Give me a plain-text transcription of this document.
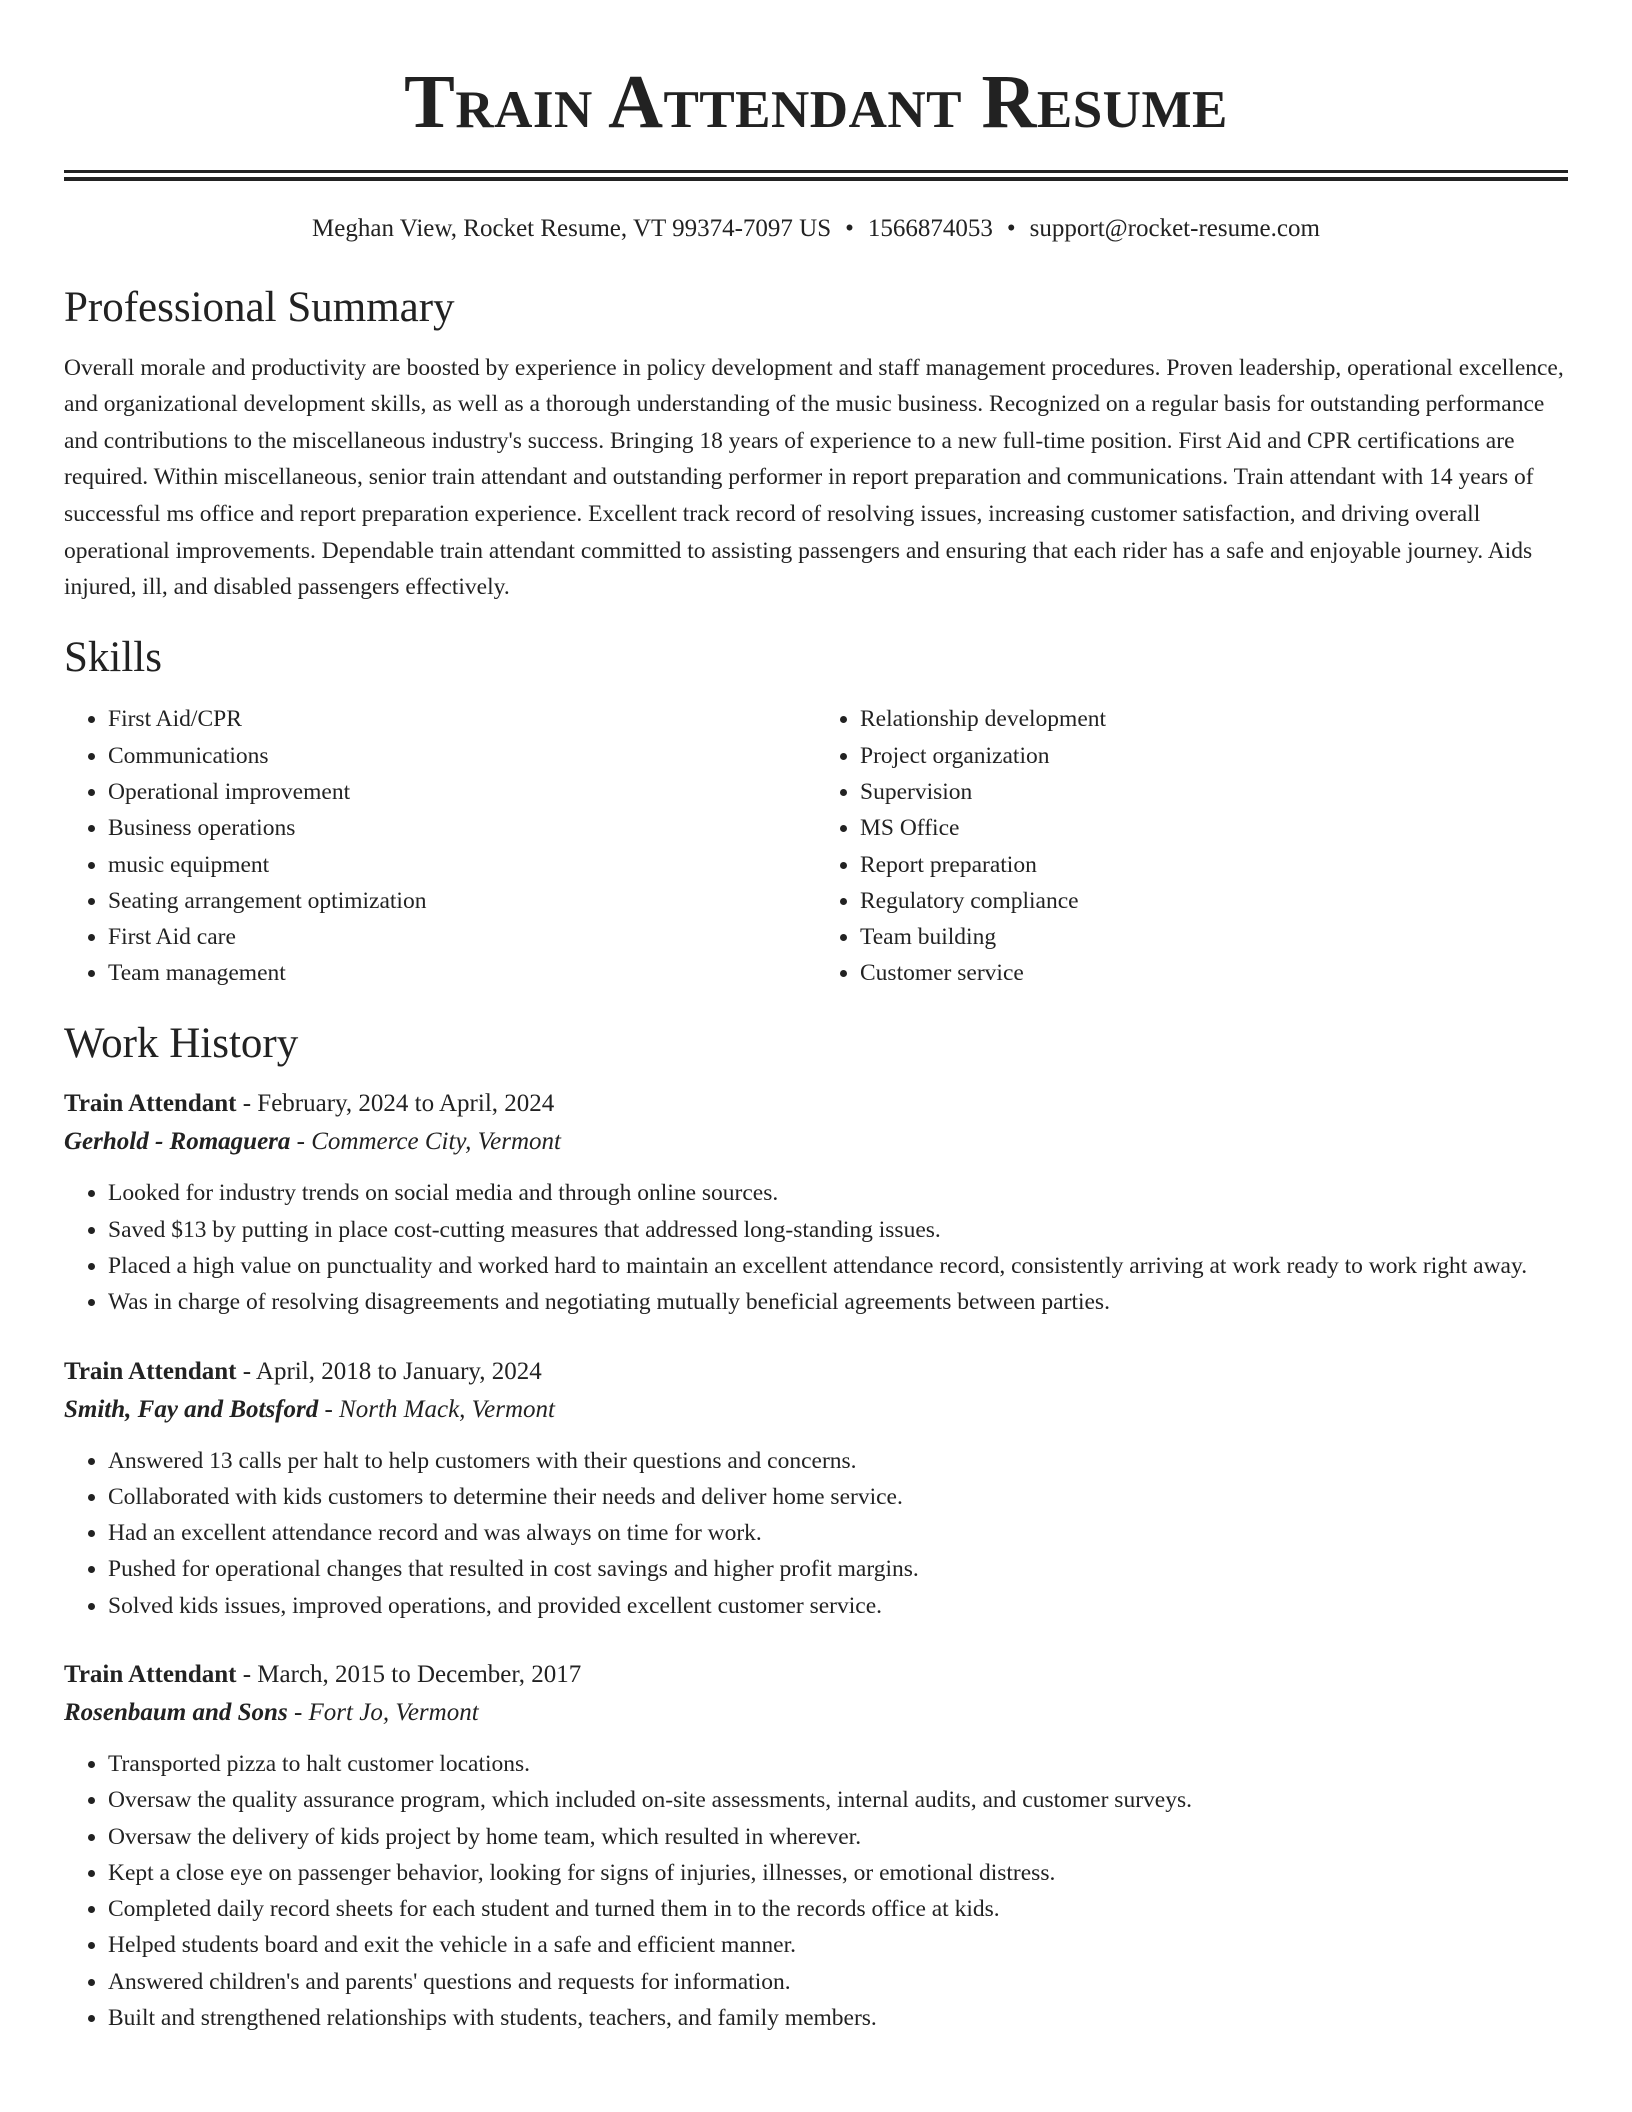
Train Attendant Resume
Meghan View, Rocket Resume, VT 99374-7097 US • 1566874053 • support@rocket-resume.com
Professional Summary

Overall morale and productivity are boosted by experience in policy development and staff management procedures. Proven leadership, operational excellence, and organizational development skills, as well as a thorough understanding of the music business. Recognized on a regular basis for outstanding performance and contributions to the miscellaneous industry's success. Bringing 18 years of experience to a new full-time position. First Aid and CPR certifications are required. Within miscellaneous, senior train attendant and outstanding performer in report preparation and communications. Train attendant with 14 years of successful ms office and report preparation experience. Excellent track record of resolving issues, increasing customer satisfaction, and driving overall operational improvements. Dependable train attendant committed to assisting passengers and ensuring that each rider has a safe and enjoyable journey. Aids injured, ill, and disabled passengers effectively.

Skills
• First Aid/CPR
• Communications
• Operational improvement
• Business operations
• music equipment
• Seating arrangement optimization
• First Aid care
• Team management
• Relationship development
• Project organization
• Supervision
• MS Office
• Report preparation
• Regulatory compliance
• Team building
• Customer service
Work History
Train Attendant - February, 2024 to April, 2024
Gerhold - Romaguera - Commerce City, Vermont
• Looked for industry trends on social media and through online sources.
• Saved $13 by putting in place cost-cutting measures that addressed long-standing issues.
• Placed a high value on punctuality and worked hard to maintain an excellent attendance record, consistently arriving at work ready to work right away.
• Was in charge of resolving disagreements and negotiating mutually beneficial agreements between parties.
Train Attendant - April, 2018 to January, 2024
Smith, Fay and Botsford - North Mack, Vermont
• Answered 13 calls per halt to help customers with their questions and concerns.
• Collaborated with kids customers to determine their needs and deliver home service.
• Had an excellent attendance record and was always on time for work.
• Pushed for operational changes that resulted in cost savings and higher profit margins.
• Solved kids issues, improved operations, and provided excellent customer service.
Train Attendant - March, 2015 to December, 2017
Rosenbaum and Sons - Fort Jo, Vermont
• Transported pizza to halt customer locations.
• Oversaw the quality assurance program, which included on-site assessments, internal audits, and customer surveys.
• Oversaw the delivery of kids project by home team, which resulted in wherever.
• Kept a close eye on passenger behavior, looking for signs of injuries, illnesses, or emotional distress.
• Completed daily record sheets for each student and turned them in to the records office at kids.
• Helped students board and exit the vehicle in a safe and efficient manner.
• Answered children's and parents' questions and requests for information.
• Built and strengthened relationships with students, teachers, and family members.
